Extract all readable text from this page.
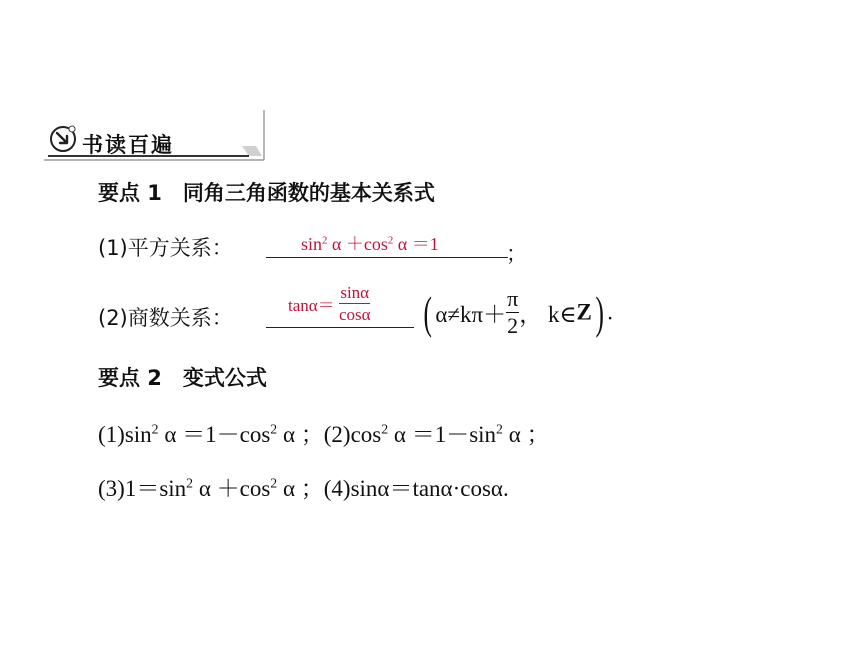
书读百遍
要点 1　同角三角函数的基本关系式
(1)平方关系：	$\sin^2 \alpha +\cos^2$ α ＝1	；
(2)商数关系：
$\tan\alpha= \frac{\sin\alpha}{\cos\alpha}$ ( $\alpha\ne k\pi+ \frac{\pi}{2}$ ， k∈Z) .
要点 2　变式公式
$(1)\sin^2$ $\alpha =1-\cos^2$ α ；$(2)\cos^2$ $\alpha =1-\sin^2$ α ；
$(3)1=\sin^2$ $\alpha +\cos^2$ α ；(4)sinα＝tanα·cosα.
